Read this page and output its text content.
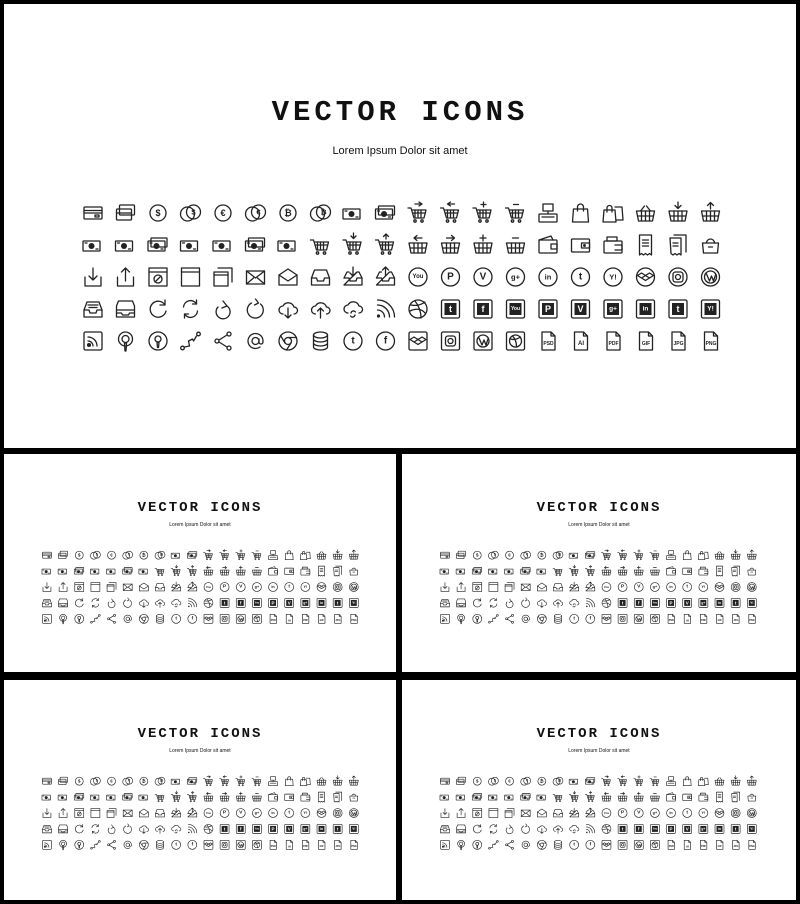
VECTOR ICONS
Lorem Ipsum Dolor sit amet
$	$	€	€	₿	₿
You P	V	g+	in	t	Y!
t	f	You	P	V	g+	in	t	Y!
t	f	PSD	AI	PDF	GIF	JPG	PNG
VECTOR ICONS
Lorem Ipsum Dolor sit amet
$ $ € € ₿ ₿
You P V g+ in t Y!
t f	You P V g+ in t Y!
t f	PSD AI PDF GIF JPG PNG
VECTOR ICONS
Lorem Ipsum Dolor sit amet
$ $ € € ₿ ₿
You P V g+ in t Y!
t f	You P V g+ in t Y!
t f	PSD AI PDF GIF JPG PNG
VECTOR ICONS
Lorem Ipsum Dolor sit amet
$ $ € € ₿ ₿
You P V g+ in t Y!
t f	You P V g+ in t Y!
t f	PSD AI PDF GIF JPG PNG
VECTOR ICONS
Lorem Ipsum Dolor sit amet
$ $ € € ₿ ₿
You P V g+ in t Y!
t f	You P V g+ in t Y!
t f	PSD AI PDF GIF JPG PNG
